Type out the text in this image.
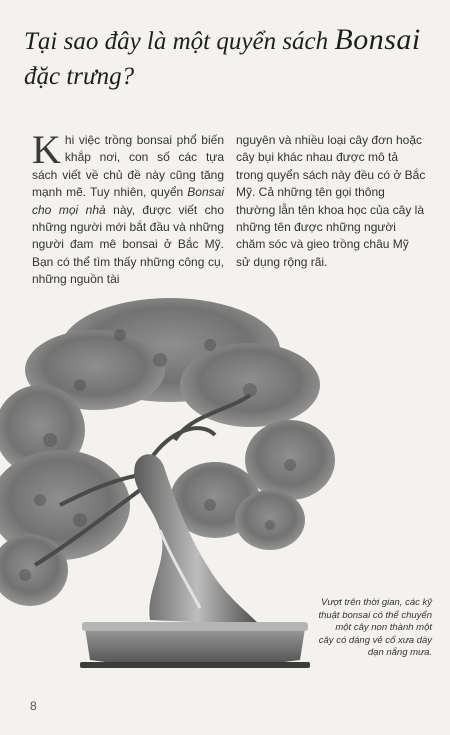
Tại sao đây là một quyển sách Bonsai
đặc trưng?

Khi việc trồng bonsai phổ biến khắp nơi, con số các tựa sách viết về chủ đề này cũng tăng mạnh mẽ. Tuy nhiên, quyển Bonsai cho mọi nhà này, được viết cho những người mới bắt đầu và những người đam mê bonsai ở Bắc Mỹ. Bạn có thể tìm thấy những công cụ, những nguồn tài

nguyên và nhiều loại cây đơn hoặc cây bụi khác nhau được mô tả trong quyển sách này đều có ở Bắc Mỹ. Cả những tên gọi thông thường lẫn tên khoa học của cây là những tên được những người chăm sóc và gieo trồng châu Mỹ sử dụng rộng rãi.

Vượt trên thời gian, các kỹ thuật bonsai có thể chuyển một cây non thành một cây có dáng vẻ cổ xưa dày dạn nắng mưa.
8
